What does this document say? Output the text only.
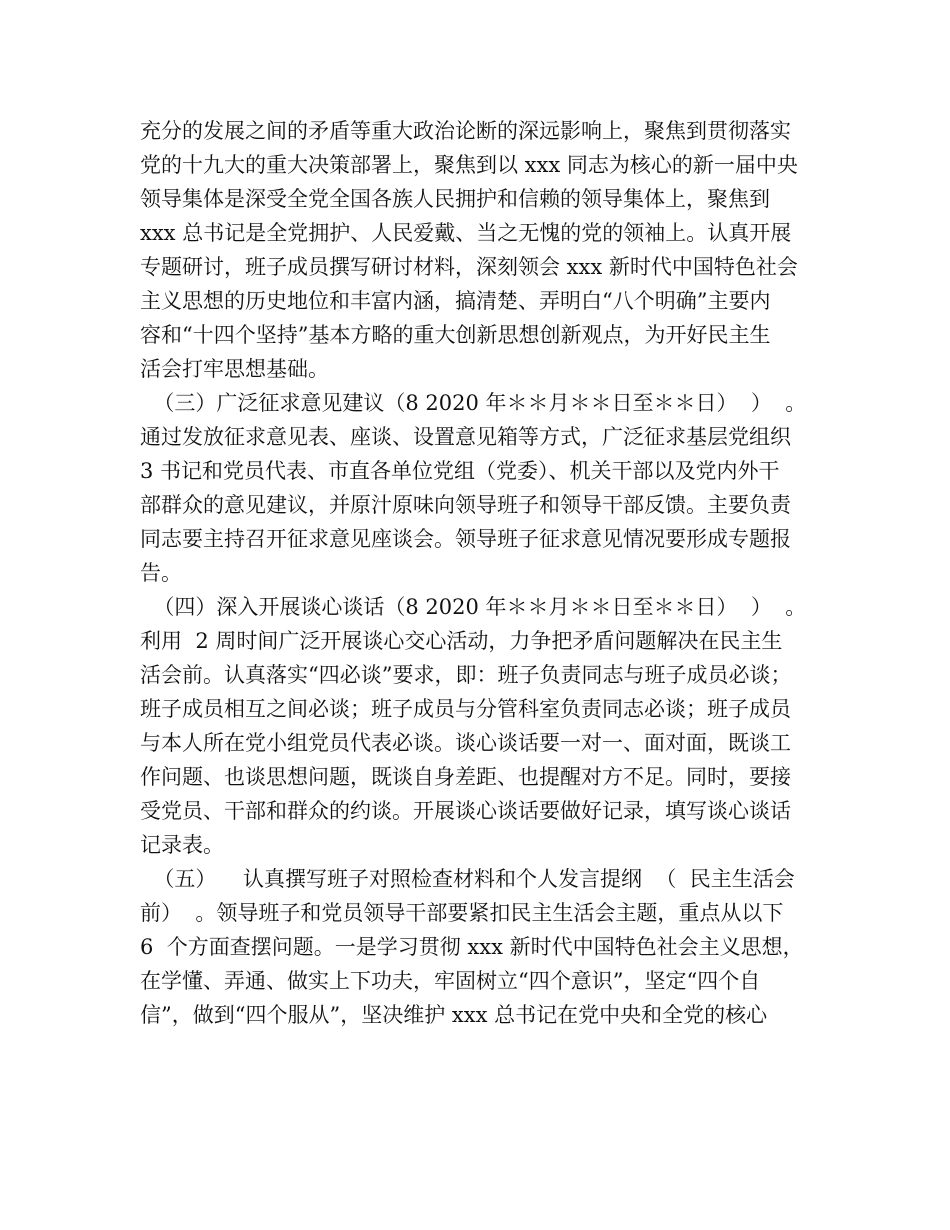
充分的发展之间的矛盾等重大政治论断的深远影响上，聚焦到贯彻落实
党的十九大的重大决策部署上，聚焦到以 xxx 同志为核心的新一届中央
领导集体是深受全党全国各族人民拥护和信赖的领导集体上，聚焦到
xxx 总书记是全党拥护、人民爱戴、当之无愧的党的领袖上。认真开展
专题研讨，班子成员撰写研讨材料，深刻领会 xxx 新时代中国特色社会
主义思想的历史地位和丰富内涵，搞清楚、弄明白“八个明确”主要内
容和“十四个坚持”基本方略的重大创新思想创新观点，为开好民主生
活会打牢思想基础。
（三）广泛征求意见建议（8 2020 年＊＊月＊＊日至＊＊日）  ）  。
通过发放征求意见表、座谈、设置意见箱等方式，广泛征求基层党组织
3 书记和党员代表、市直各单位党组（党委）、机关干部以及党内外干
部群众的意见建议，并原汁原味向领导班子和领导干部反馈。主要负责
同志要主持召开征求意见座谈会。领导班子征求意见情况要形成专题报
告。
（四）深入开展谈心谈话（8 2020 年＊＊月＊＊日至＊＊日）  ）  。
利用  2 周时间广泛开展谈心交心活动，力争把矛盾问题解决在民主生
活会前。认真落实“四必谈”要求，即：班子负责同志与班子成员必谈；
班子成员相互之间必谈；班子成员与分管科室负责同志必谈；班子成员
与本人所在党小组党员代表必谈。谈心谈话要一对一、面对面，既谈工
作问题、也谈思想问题，既谈自身差距、也提醒对方不足。同时，要接
受党员、干部和群众的约谈。开展谈心谈话要做好记录，填写谈心谈话
记录表。
（五）    认真撰写班子对照检查材料和个人发言提纲  （  民主生活会
前）  。领导班子和党员领导干部要紧扣民主生活会主题，重点从以下
6  个方面查摆问题。一是学习贯彻 xxx 新时代中国特色社会主义思想，
在学懂、弄通、做实上下功夫，牢固树立“四个意识”，坚定“四个自
信”，做到“四个服从”，坚决维护 xxx 总书记在党中央和全党的核心
